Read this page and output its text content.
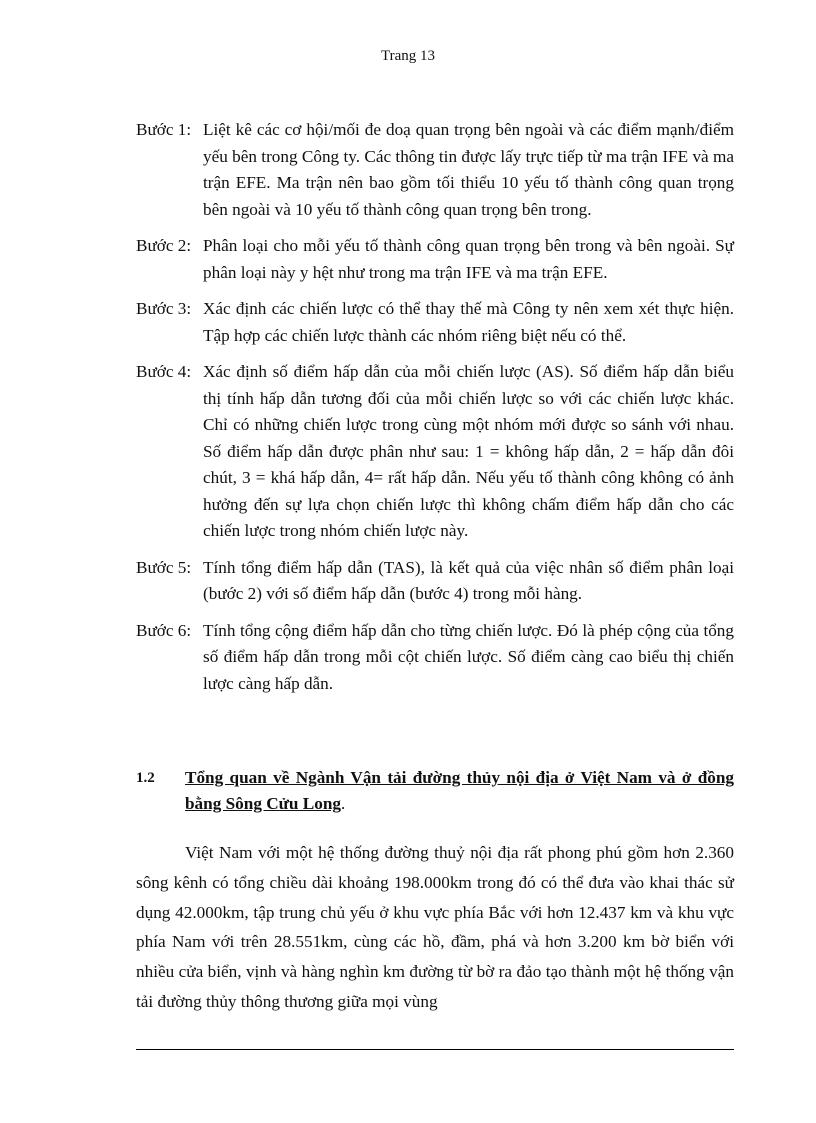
Trang 13
Bước 1: Liệt kê các cơ hội/mối đe doạ quan trọng bên ngoài và các điểm mạnh/điểm yếu bên trong Công ty. Các thông tin được lấy trực tiếp từ ma trận IFE và ma trận EFE. Ma trận nên bao gồm tối thiểu 10 yếu tố thành công quan trọng bên ngoài và 10 yếu tố thành công quan trọng bên trong.
Bước 2: Phân loại cho mỗi yếu tố thành công quan trọng bên trong và bên ngoài. Sự phân loại này y hệt như trong ma trận IFE và ma trận EFE.
Bước 3: Xác định các chiến lược có thể thay thế mà Công ty nên xem xét thực hiện. Tập hợp các chiến lược thành các nhóm riêng biệt nếu có thể.
Bước 4: Xác định số điểm hấp dẫn của mỗi chiến lược (AS). Số điểm hấp dẫn biểu thị tính hấp dẫn tương đối của mỗi chiến lược so với các chiến lược khác. Chỉ có những chiến lược trong cùng một nhóm mới được so sánh với nhau. Số điểm hấp dẫn được phân như sau: 1 = không hấp dẫn, 2 = hấp dẫn đôi chút, 3 = khá hấp dẫn, 4= rất hấp dẫn. Nếu yếu tố thành công không có ảnh hưởng đến sự lựa chọn chiến lược thì không chấm điểm hấp dẫn cho các chiến lược trong nhóm chiến lược này.
Bước 5: Tính tổng điểm hấp dẫn (TAS), là kết quả của việc nhân số điểm phân loại (bước 2) với số điểm hấp dẫn (bước 4) trong mỗi hàng.
Bước 6: Tính tổng cộng điểm hấp dẫn cho từng chiến lược. Đó là phép cộng của tổng số điểm hấp dẫn trong mỗi cột chiến lược. Số điểm càng cao biểu thị chiến lược càng hấp dẫn.
1.2	Tổng quan về Ngành Vận tải đường thủy nội địa ở Việt Nam và ở đồng bằng Sông Cửu Long.

Việt Nam với một hệ thống đường thuỷ nội địa rất phong phú gồm hơn 2.360 sông kênh có tổng chiều dài khoảng 198.000km trong đó có thể đưa vào khai thác sử dụng 42.000km, tập trung chủ yếu ở khu vực phía Bắc với hơn 12.437 km và khu vực phía Nam với trên 28.551km, cùng các hồ, đầm, phá và hơn 3.200 km bờ biển với nhiều cửa biển, vịnh và hàng nghìn km đường từ bờ ra đảo tạo thành một hệ thống vận tải đường thủy thông thương giữa mọi vùng
